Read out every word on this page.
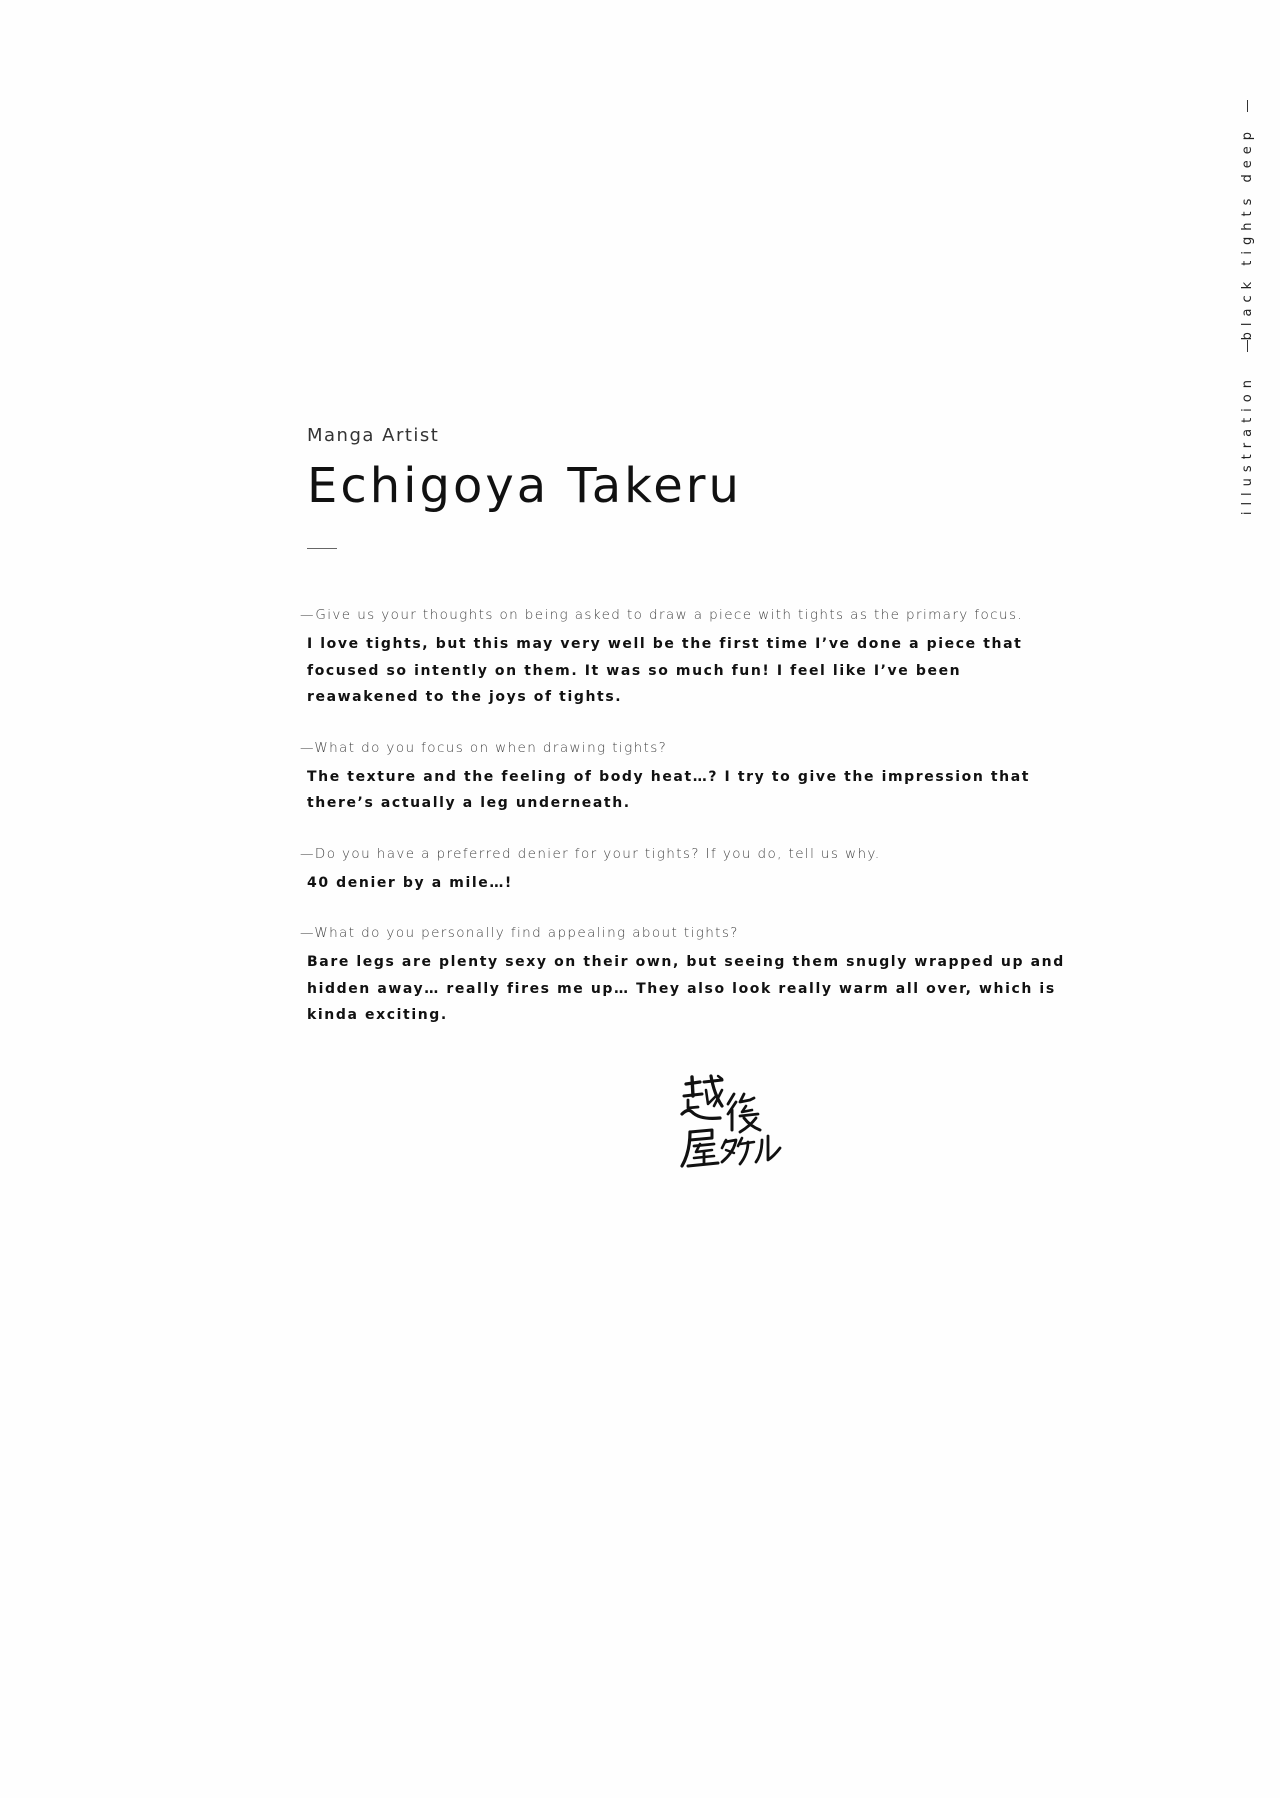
black tights deep
illustration

Manga Artist

Echigoya Takeru

—Give us your thoughts on being asked to draw a piece with tights as the primary focus.

I love tights, but this may very well be the first time I’ve done a piece that focused so intently on them. It was so much fun! I feel like I’ve been reawakened to the joys of tights.

—What do you focus on when drawing tights?

The texture and the feeling of body heat…? I try to give the impression that there’s actually a leg underneath.

—Do you have a preferred denier for your tights? If you do, tell us why.

40 denier by a mile…!

—What do you personally find appealing about tights?

Bare legs are plenty sexy on their own, but seeing them snugly wrapped up and hidden away… really fires me up… They also look really warm all over, which is kinda exciting.
